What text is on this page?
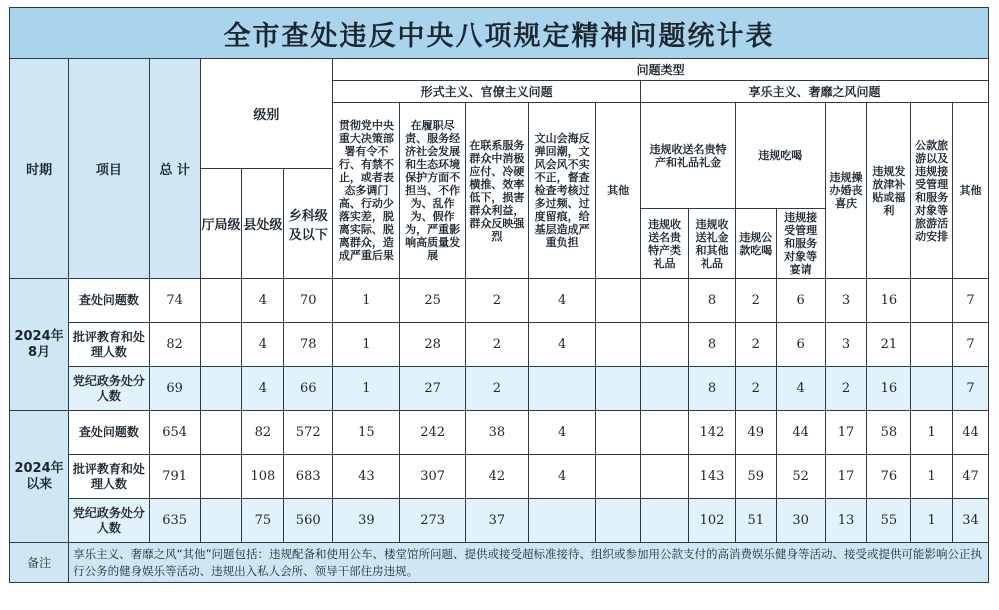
全市查处违反中央八项规定精神问题统计表																		
时期	项目	总 计	级别			问题类型												
						形式主义、官僚主义问题					享乐主义、奢靡之风问题							
						贯彻党中央重大决策部署有令不行、有禁不止，或者表态多调门高、行动少落实差，脱离实际、脱离群众，造成严重后果	在履职尽责、服务经济社会发展和生态环境保护方面不担当、不作为、乱作为、假作为，严重影响高质量发展	在联系服务群众中消极应付、冷硬横推、效率低下，损害群众利益，群众反映强烈	文山会海反弹回潮，文风会风不实不正，督查检查考核过多过频、过度留痕，给基层造成严重负担	其他	违规收送名贵特产和礼品礼金		违规吃喝		违规操办婚丧喜庆	违规发放津补贴或福利	公款旅游以及违规接受管理和服务对象等旅游活动安排	其他
			厅局级	县处级	乡科级及以下													
											违规收送名贵特产类礼品	违规收送礼金和其他礼品	违规公款吃喝	违规接受管理和服务对象等宴请				
2024年8月	查处问题数	74		4	70	1	25	2	4			8	2	6	3	16		7
	批评教育和处理人数	82		4	78	1	28	2	4			8	2	6	3	21		7
	党纪政务处分人数	69		4	66	1	27	2				8	2	4	2	16		7
2024年以来	查处问题数	654		82	572	15	242	38	4			142	49	44	17	58	1	44
	批评教育和处理人数	791		108	683	43	307	42	4			143	59	52	17	76	1	47
	党纪政务处分人数	635		75	560	39	273	37				102	51	30	13	55	1	34
备注	享乐主义、奢靡之风“其他”问题包括：违规配备和使用公车、楼堂馆所问题、提供或接受超标准接待、组织或参加用公款支付的高消费娱乐健身等活动、接受或提供可能影响公正执行公务的健身娱乐等活动、违规出入私人会所、领导干部住房违规。																	
